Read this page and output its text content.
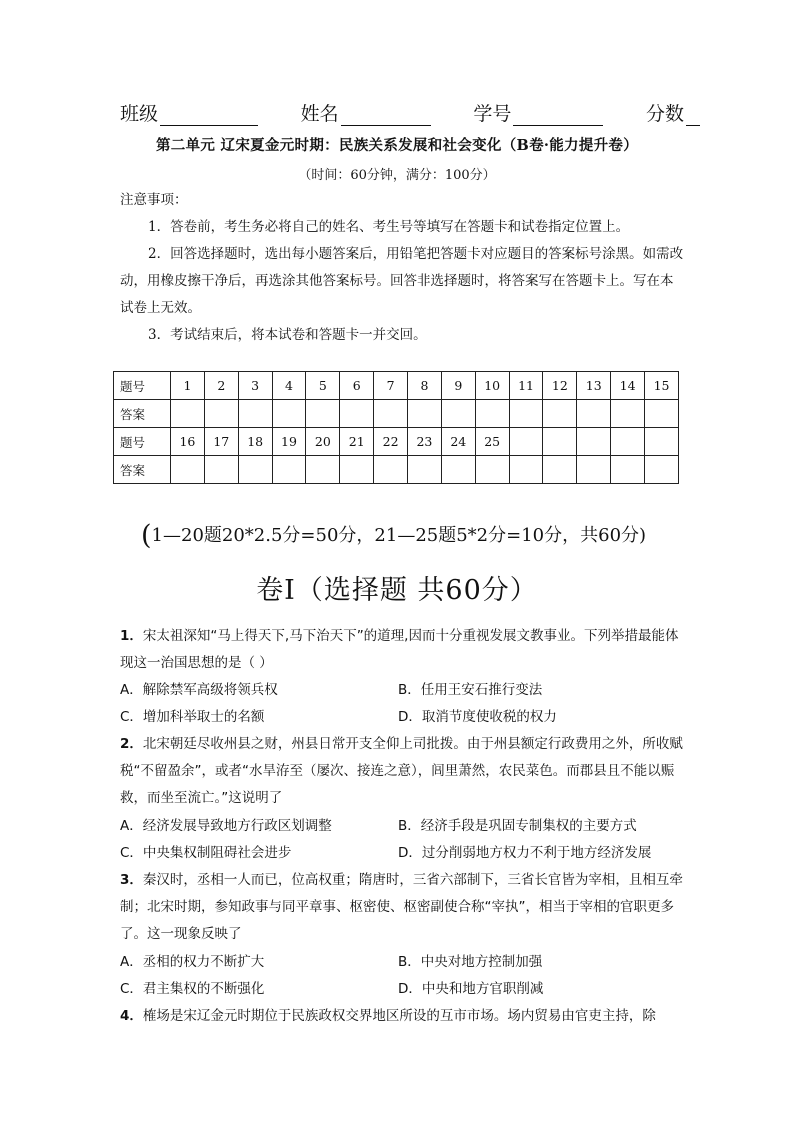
班级	姓名	学号	分数
第二单元 辽宋夏金元时期：民族关系发展和社会变化（B卷·能力提升卷）
（时间：60分钟，满分：100分）

注意事项：

1．答卷前，考生务必将自己的姓名、考生号等填写在答题卡和试卷指定位置上。

2．回答选择题时，选出每小题答案后，用铅笔把答题卡对应题目的答案标号涂黑。如需改动，用橡皮擦干净后，再选涂其他答案标号。回答非选择题时，将答案写在答题卡上。写在本试卷上无效。

3．考试结束后，将本试卷和答题卡一并交回。

题号	1	2	3	4	5	6	7	8	9	10	11	12	13	14	15
答案															
题号	16	17	18	19	20	21	22	23	24	25					
答案															
(1—20题20*2.5分=50分，21—25题5*2分=10分，共60分)
卷Ⅰ（选择题 共60分）

1．宋太祖深知“马上得天下,马下治天下”的道理,因而十分重视发展文教事业。下列举措最能体现这一治国思想的是（ ）

A．解除禁军高级将领兵权	B．任用王安石推行变法
C．增加科举取士的名额	D．取消节度使收税的权力

2．北宋朝廷尽收州县之财，州县日常开支全仰上司批拨。由于州县额定行政费用之外，所收赋税“不留盈余”，或者“水旱洊至（屡次、接连之意），闾里萧然，农民菜色。而郡县且不能以赈救，而坐至流亡。”这说明了

A．经济发展导致地方行政区划调整	B．经济手段是巩固专制集权的主要方式
C．中央集权制阻碍社会进步	D．过分削弱地方权力不利于地方经济发展

3．秦汉时，丞相一人而已，位高权重；隋唐时，三省六部制下，三省长官皆为宰相，且相互牵制；北宋时期，参知政事与同平章事、枢密使、枢密副使合称“宰执”，相当于宰相的官职更多了。这一现象反映了

A．丞相的权力不断扩大	B．中央对地方控制加强
C．君主集权的不断强化	D．中央和地方官职削减

4．榷场是宋辽金元时期位于民族政权交界地区所设的互市市场。场内贸易由官吏主持，除
